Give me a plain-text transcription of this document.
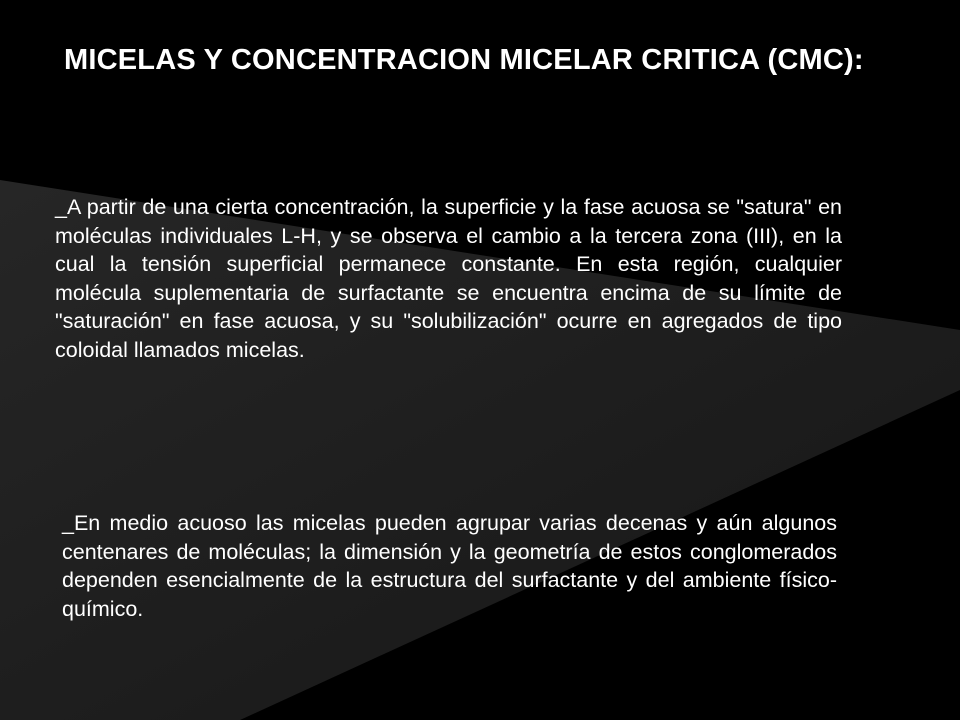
MICELAS Y CONCENTRACION MICELAR CRITICA (CMC):

_A partir de una cierta concentración, la superficie y la fase acuosa se "satura" en moléculas individuales L-H, y se observa el cambio a la tercera zona (III), en la cual la tensión superficial permanece constante. En esta región, cualquier molécula suplementaria de surfactante se encuentra encima de su límite de "saturación" en fase acuosa, y su "solubilización" ocurre en agregados de tipo coloidal llamados micelas.

_En medio acuoso las micelas pueden agrupar varias decenas y aún algunos centenares de moléculas; la dimensión y la geometría de estos conglomerados dependen esencialmente de la estructura del surfactante y del ambiente físico-químico.
